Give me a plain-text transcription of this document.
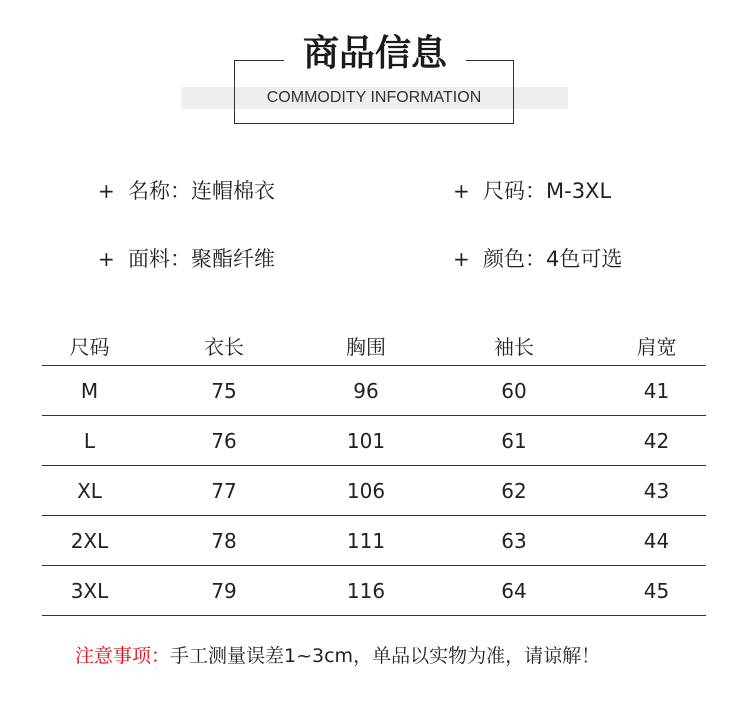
商品信息
COMMODITY INFORMATION
+ 名称：连帽棉衣	+ 尺码：M-3XL
+ 面料：聚酯纤维	+ 颜色：4色可选
尺码	衣长	胸围	袖长	肩宽
M	75	96	60	41
L	76	101	61	42
XL	77	106	62	43
2XL	78	111	63	44
3XL	79	116	64	45
注意事项：手工测量误差1~3cm，单品以实物为准，请谅解！
